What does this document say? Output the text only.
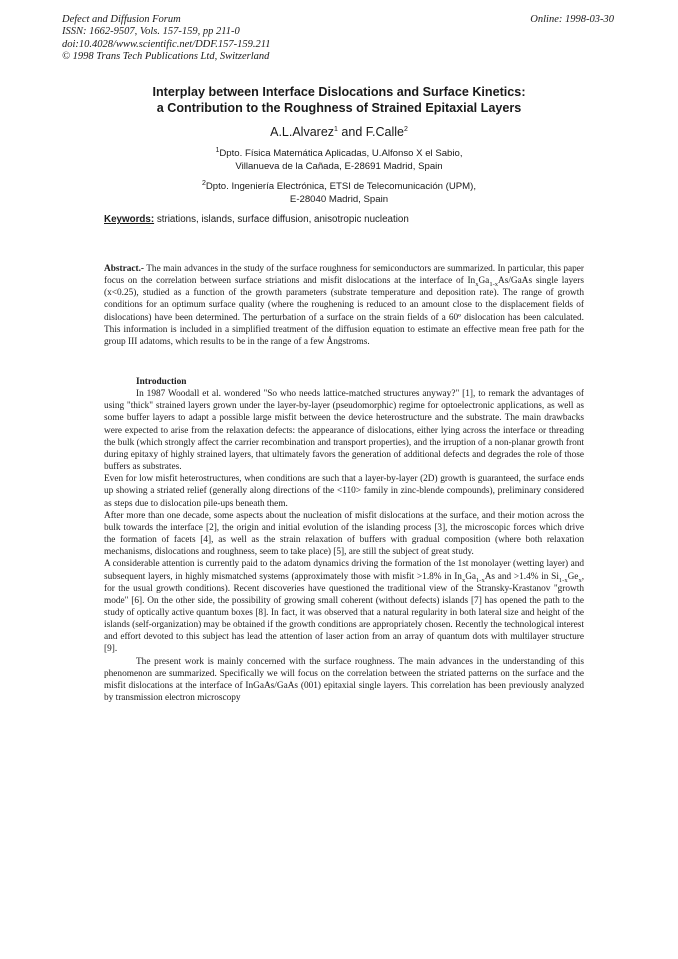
Defect and Diffusion Forum
ISSN: 1662-9507, Vols. 157-159, pp 211-0
doi:10.4028/www.scientific.net/DDF.157-159.211
© 1998 Trans Tech Publications Ltd, Switzerland
Online: 1998-03-30
Interplay between Interface Dislocations and Surface Kinetics:
a Contribution to the Roughness of Strained Epitaxial Layers
A.L.Alvarez$^1$ and F.Calle$^2$
$^1$Dpto. Física Matemática Aplicadas, U.Alfonso X el Sabio,
Villanueva de la Cañada, E-28691 Madrid, Spain
$^2$Dpto. Ingeniería Electrónica, ETSI de Telecomunicación (UPM),
E-28040 Madrid, Spain
Keywords: striations, islands, surface diffusion, anisotropic nucleation

Abstract.- The main advances in the study of the surface roughness for semiconductors are summarized. In particular, this paper focus on the correlation between surface striations and misfit dislocations at the interface of $In_xGa_{1-x}As$/GaAs single layers (x<0.25), studied as a function of the growth parameters (substrate temperature and deposition rate). The range of growth conditions for an optimum surface quality (where the roughening is reduced to an amount close to the displacement fields of dislocations) have been determined. The perturbation of a surface on the strain fields of a 60º dislocation has been calculated. This information is included in a simplified treatment of the diffusion equation to estimate an effective mean free path for the group III adatoms, which results to be in the range of a few Ångstroms.

Introduction

In 1987 Woodall et al. wondered "So who needs lattice-matched structures anyway?" [1], to remark the advantages of using "thick" strained layers grown under the layer-by-layer (pseudomorphic) regime for optoelectronic applications, as well as some buffer layers to adapt a possible large misfit between the device heterostructure and the substrate. The main drawbacks were expected to arise from the relaxation defects: the appearance of dislocations, either lying across the interface or threading the bulk (which strongly affect the carrier recombination and transport properties), and the irruption of a non-planar growth front during epitaxy of highly strained layers, that ultimately favors the generation of additional defects and degrades the role of those buffers as substrates.

Even for low misfit heterostructures, when conditions are such that a layer-by-layer (2D) growth is guaranteed, the surface ends up showing a striated relief (generally along directions of the <110> family in zinc-blende compounds), preliminary considered as steps due to dislocation pile-ups beneath them.

After more than one decade, some aspects about the nucleation of misfit dislocations at the surface, and their motion across the bulk towards the interface [2], the origin and initial evolution of the islanding process [3], the microscopic forces which drive the formation of facets [4], as well as the strain relaxation of buffers with gradual composition (where both relaxation mechanisms, dislocations and roughness, seem to take place) [5], are still the subject of great study.

A considerable attention is currently paid to the adatom dynamics driving the formation of the 1st monolayer (wetting layer) and subsequent layers, in highly mismatched systems (approximately those with misfit >1.8% in $In_xGa_{1-x}As$ and >1.4% in $Si_{1-x}Ge_x$, for the usual growth conditions). Recent discoveries have questioned the traditional view of the Stransky-Krastanov "growth mode" [6]. On the other side, the possibility of growing small coherent (without defects) islands [7] has opened the path to the study of optically active quantum boxes [8]. In fact, it was observed that a natural regularity in both lateral size and height of the islands (self-organization) may be obtained if the growth conditions are appropriately chosen. Recently the technological interest and effort devoted to this subject has lead the attention of laser action from an array of quantum dots with multilayer structure [9].

The present work is mainly concerned with the surface roughness. The main advances in the understanding of this phenomenon are summarized. Specifically we will focus on the correlation between the striated patterns on the surface and the misfit dislocations at the interface of InGaAs/GaAs (001) epitaxial single layers. This correlation has been previously analyzed by transmission electron microscopy
